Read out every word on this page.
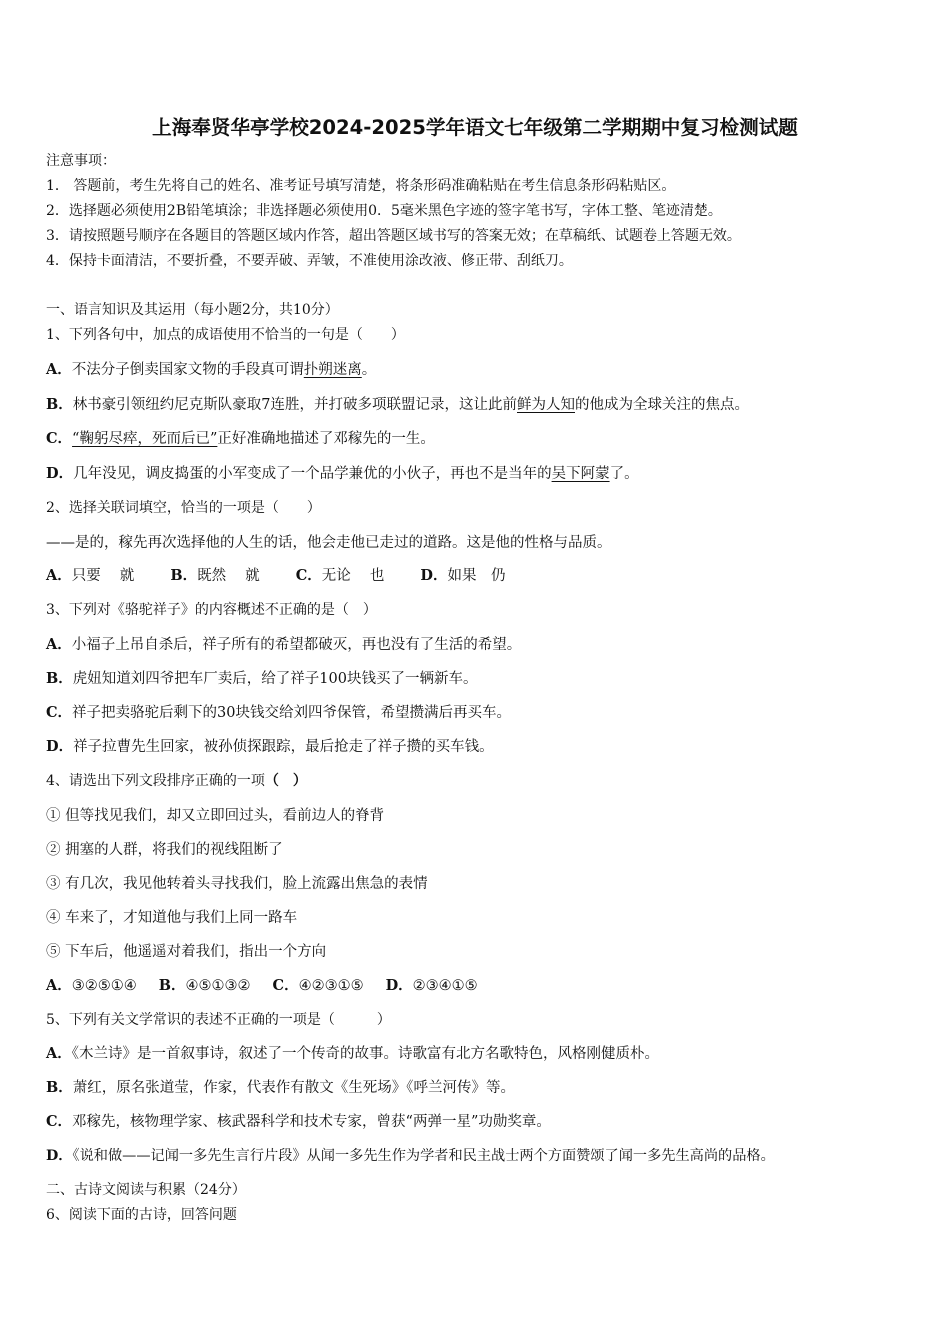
上海奉贤华亭学校2024-2025学年语文七年级第二学期期中复习检测试题
注意事项：
1． 答题前，考生先将自己的姓名、准考证号填写清楚，将条形码准确粘贴在考生信息条形码粘贴区。
2．选择题必须使用2B铅笔填涂；非选择题必须使用0．5毫米黑色字迹的签字笔书写，字体工整、笔迹清楚。
3．请按照题号顺序在各题目的答题区域内作答，超出答题区域书写的答案无效；在草稿纸、试题卷上答题无效。
4．保持卡面清洁，不要折叠，不要弄破、弄皱，不准使用涂改液、修正带、刮纸刀。
一、语言知识及其运用（每小题2分，共10分）
1、下列各句中，加点的成语使用不恰当的一句是（　　）
A．不法分子倒卖国家文物的手段真可谓扑朔迷离。
B．林书豪引领纽约尼克斯队豪取7连胜，并打破多项联盟记录，这让此前鲜为人知的他成为全球关注的焦点。
C．“鞠躬尽瘁，死而后已”正好准确地描述了邓稼先的一生。
D．几年没见，调皮捣蛋的小军变成了一个品学兼优的小伙子，再也不是当年的吴下阿蒙了。
2、选择关联词填空，恰当的一项是（　　）
——是的，稼先再次选择他的人生的话，他会走他已走过的道路。这是他的性格与品质。
A．只要　 就 B．既然　 就 C．无论　 也 D．如果　仍
3、下列对《骆驼祥子》的内容概述不正确的是（　）
A．小福子上吊自杀后，祥子所有的希望都破灭，再也没有了生活的希望。
B．虎妞知道刘四爷把车厂卖后，给了祥子100块钱买了一辆新车。
C．祥子把卖骆驼后剩下的30块钱交给刘四爷保管，希望攒满后再买车。
D．祥子拉曹先生回家，被孙侦探跟踪，最后抢走了祥子攒的买车钱。
4、请选出下列文段排序正确的一项（　）
① 但等找见我们，却又立即回过头，看前边人的脊背
② 拥塞的人群，将我们的视线阻断了
③ 有几次，我见他转着头寻找我们，脸上流露出焦急的表情
④ 车来了，才知道他与我们上同一路车
⑤ 下车后，他遥遥对着我们，指出一个方向
A．③②⑤①④ B．④⑤①③② C．④②③①⑤ D．②③④①⑤
5、下列有关文学常识的表述不正确的一项是（　　　）
A．《木兰诗》是一首叙事诗，叙述了一个传奇的故事。诗歌富有北方名歌特色，风格刚健质朴。
B．萧红，原名张道莹，作家，代表作有散文《生死场》《呼兰河传》等。
C．邓稼先，核物理学家、核武器科学和技术专家，曾获“两弹一星”功勋奖章。
D．《说和做——记闻一多先生言行片段》从闻一多先生作为学者和民主战士两个方面赞颂了闻一多先生高尚的品格。
二、古诗文阅读与积累（24分）
6、阅读下面的古诗，回答问题
